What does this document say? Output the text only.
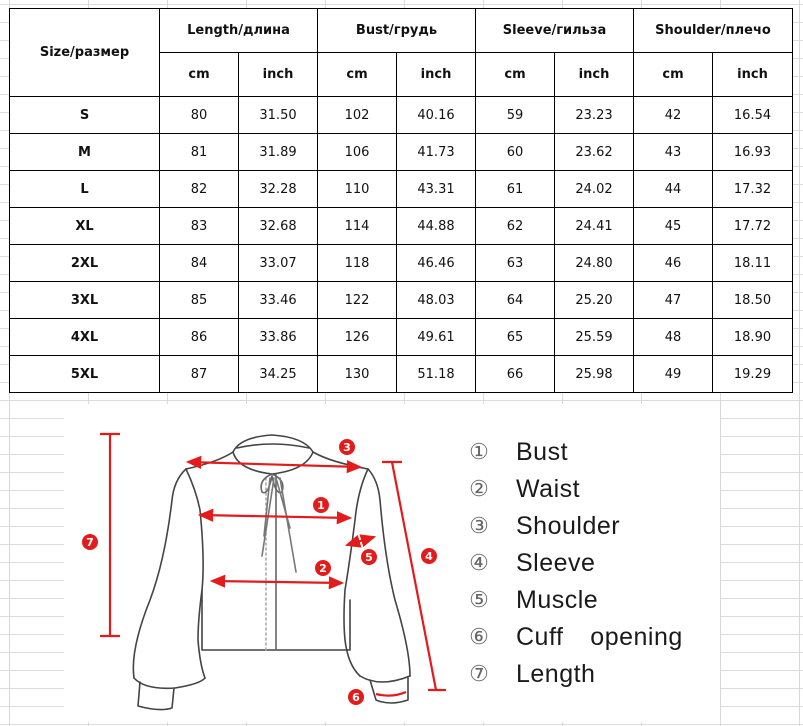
Size/размер	Length/длина		Bust/грудь		Sleeve/гильза		Shoulder/плечо	
	cm	inch	cm	inch	cm	inch	cm	inch
S	80	31.50	102	40.16	59	23.23	42	16.54
M	81	31.89	106	41.73	60	23.62	43	16.93
L	82	32.28	110	43.31	61	24.02	44	17.32
XL	83	32.68	114	44.88	62	24.41	45	17.72
2XL	84	33.07	118	46.46	63	24.80	46	18.11
3XL	85	33.46	122	48.03	64	25.20	47	18.50
4XL	86	33.86	126	49.61	65	25.59	48	18.90
5XL	87	34.25	130	51.18	66	25.98	49	19.29
7
1
2
3
4
5
6
① Bust
② Waist
③ Shoulder
④ Sleeve
⑤ Muscle
⑥ Cuff  opening
⑦ Length
